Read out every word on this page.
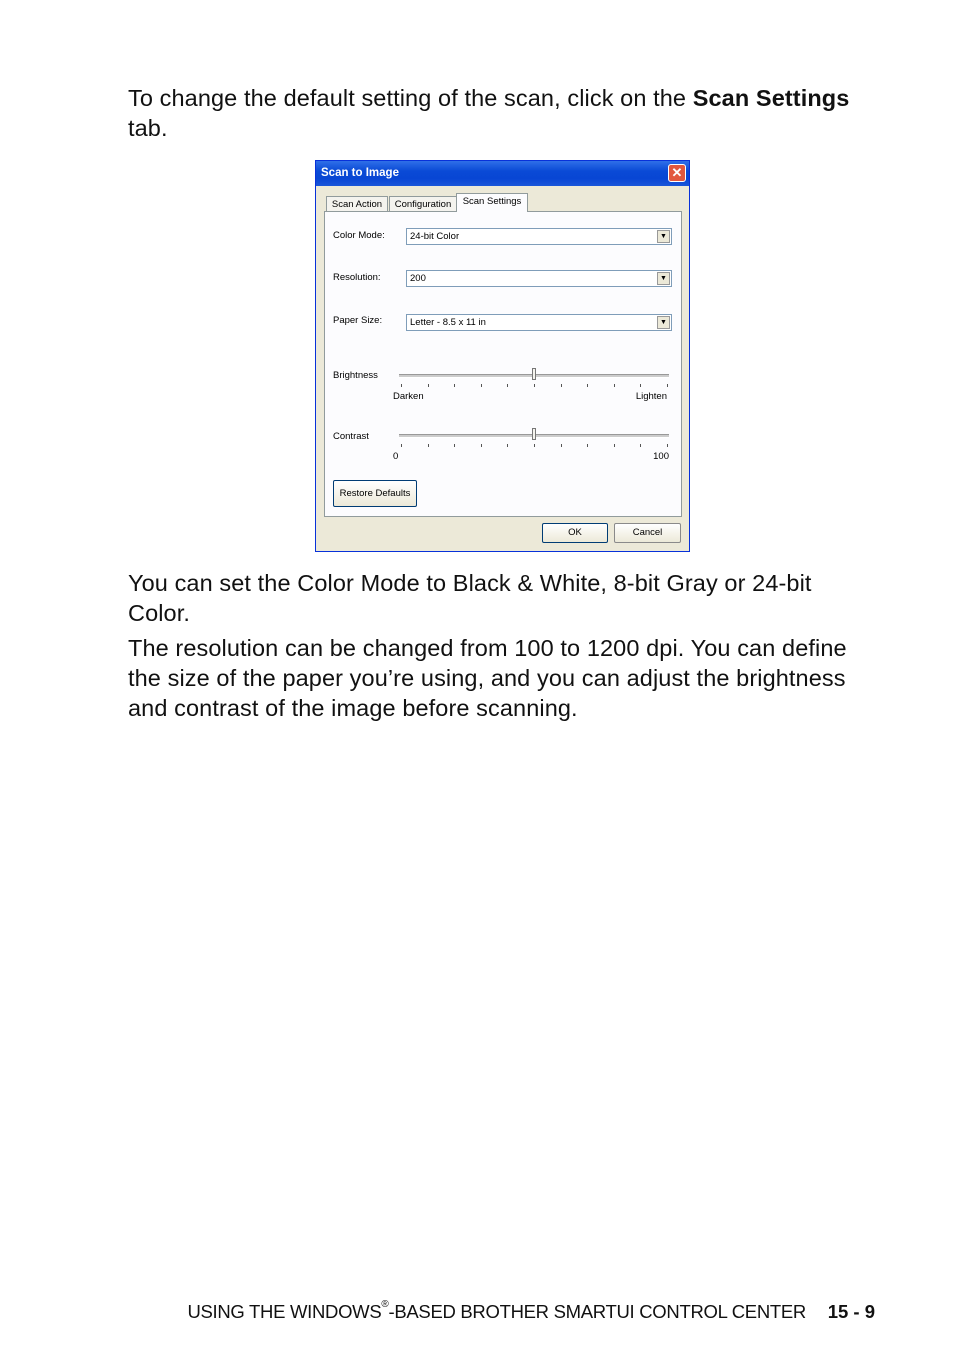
To change the default setting of the scan, click on the Scan Settings tab.
Scan to Image	✕
Scan Action	Configuration	Scan Settings
Color Mode:	24-bit Color	▼
Resolution:	200	▼
Paper Size:	Letter - 8.5 x 11 in	▼
Brightness
Darken	Lighten
Contrast
0	100
Restore Defaults
OK	Cancel
You can set the Color Mode to Black & White, 8-bit Gray or 24-bit Color.
The resolution can be changed from 100 to 1200 dpi. You can define the size of the paper you’re using, and you can adjust the brightness and contrast of the image before scanning.
USING THE WINDOWS®-BASED BROTHER SMARTUI CONTROL CENTER 15 - 9
